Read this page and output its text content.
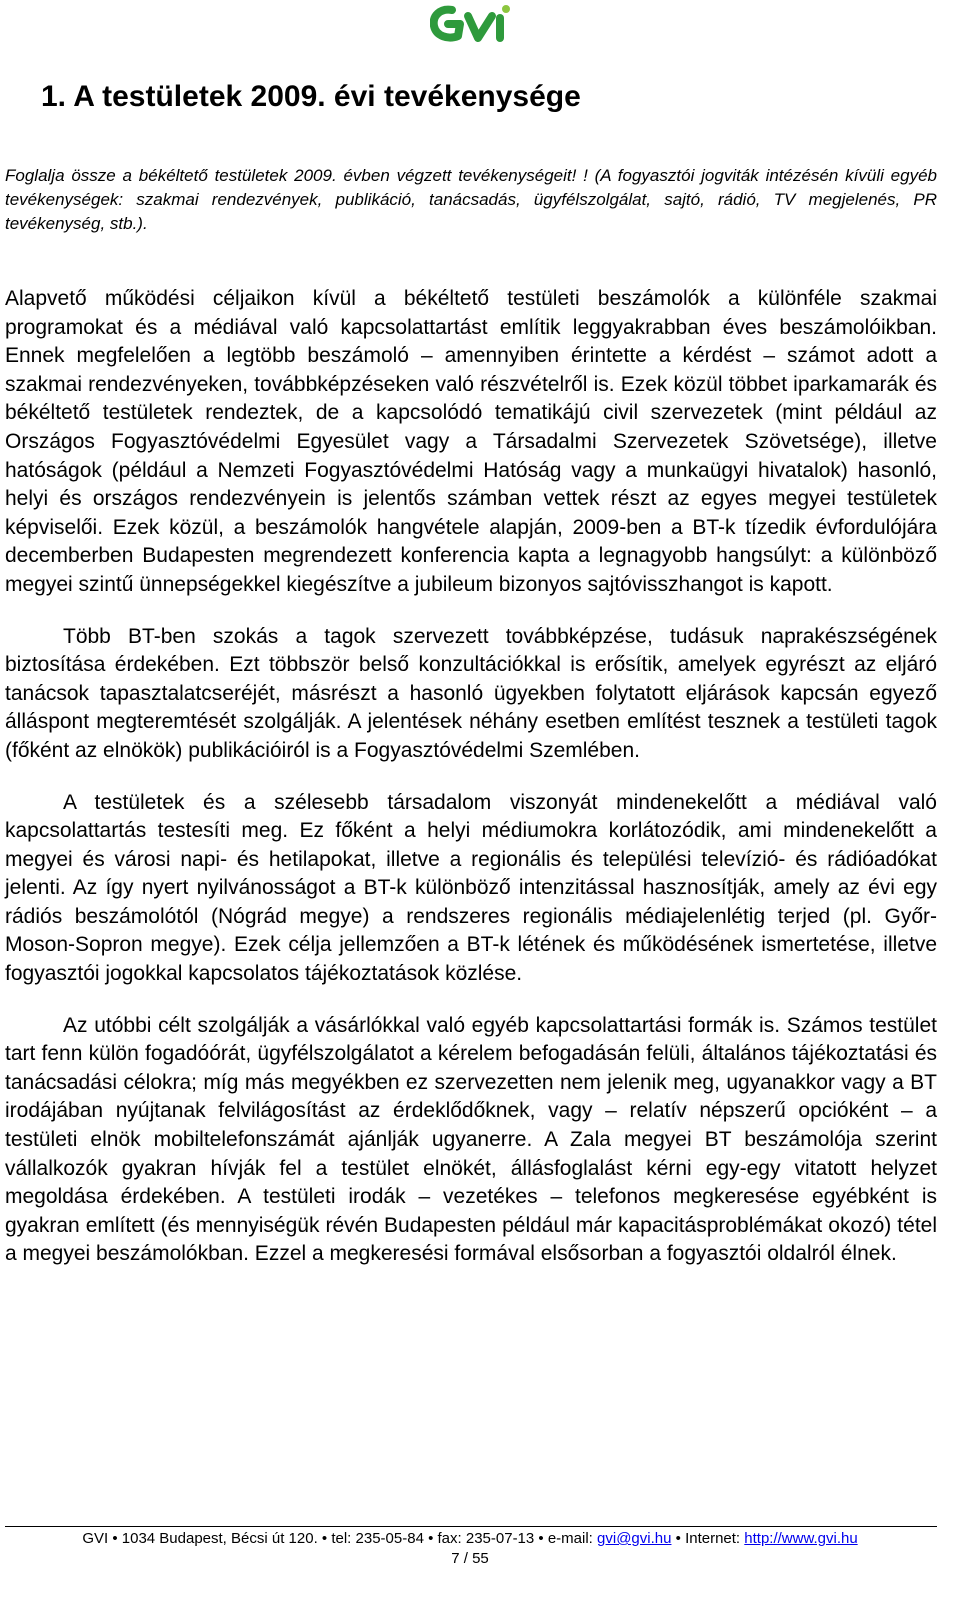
1. A testületek 2009. évi tevékenysége

Foglalja össze a békéltető testületek 2009. évben végzett tevékenységeit! ! (A fogyasztói jogviták intézésén kívüli egyéb tevékenységek: szakmai rendezvények, publikáció, tanácsadás, ügyfélszolgálat, sajtó, rádió, TV megjelenés, PR tevékenység, stb.).

Alapvető működési céljaikon kívül a békéltető testületi beszámolók a különféle szakmai programokat és a médiával való kapcsolattartást említik leggyakrabban éves beszámolóikban. Ennek megfelelően a legtöbb beszámoló – amennyiben érintette a kérdést – számot adott a szakmai rendezvényeken, továbbképzéseken való részvételről is. Ezek közül többet iparkamarák és békéltető testületek rendeztek, de a kapcsolódó tematikájú civil szervezetek (mint például az Országos Fogyasztóvédelmi Egyesület vagy a Társadalmi Szervezetek Szövetsége), illetve hatóságok (például a Nemzeti Fogyasztóvédelmi Hatóság vagy a munkaügyi hivatalok) hasonló, helyi és országos rendezvényein is jelentős számban vettek részt az egyes megyei testületek képviselői. Ezek közül, a beszámolók hangvétele alapján, 2009-ben a BT-k tízedik évfordulójára decemberben Budapesten megrendezett konferencia kapta a legnagyobb hangsúlyt: a különböző megyei szintű ünnepségekkel kiegészítve a jubileum bizonyos sajtóvisszhangot is kapott.

Több BT-ben szokás a tagok szervezett továbbképzése, tudásuk naprakészségének biztosítása érdekében. Ezt többször belső konzultációkkal is erősítik, amelyek egyrészt az eljáró tanácsok tapasztalatcseréjét, másrészt a hasonló ügyekben folytatott eljárások kapcsán egyező álláspont megteremtését szolgálják. A jelentések néhány esetben említést tesznek a testületi tagok (főként az elnökök) publikációiról is a Fogyasztóvédelmi Szemlében.

A testületek és a szélesebb társadalom viszonyát mindenekelőtt a médiával való kapcsolattartás testesíti meg. Ez főként a helyi médiumokra korlátozódik, ami mindenekelőtt a megyei és városi napi- és hetilapokat, illetve a regionális és települési televízió- és rádióadókat jelenti. Az így nyert nyilvánosságot a BT-k különböző intenzitással hasznosítják, amely az évi egy rádiós beszámolótól (Nógrád megye) a rendszeres regionális médiajelenlétig terjed (pl. Győr-Moson-Sopron megye). Ezek célja jellemzően a BT-k létének és működésének ismertetése, illetve fogyasztói jogokkal kapcsolatos tájékoztatások közlése.

Az utóbbi célt szolgálják a vásárlókkal való egyéb kapcsolattartási formák is. Számos testület tart fenn külön fogadóórát, ügyfélszolgálatot a kérelem befogadásán felüli, általános tájékoztatási és tanácsadási célokra; míg más megyékben ez szervezetten nem jelenik meg, ugyanakkor vagy a BT irodájában nyújtanak felvilágosítást az érdeklődőknek, vagy – relatív népszerű opcióként – a testületi elnök mobiltelefonszámát ajánlják ugyanerre. A Zala megyei BT beszámolója szerint vállalkozók gyakran hívják fel a testület elnökét, állásfoglalást kérni egy-egy vitatott helyzet megoldása érdekében. A testületi irodák – vezetékes – telefonos megkeresése egyébként is gyakran említett (és mennyiségük révén Budapesten például már kapacitásproblémákat okozó) tétel a megyei beszámolókban. Ezzel a megkeresési formával elsősorban a fogyasztói oldalról élnek.

GVI • 1034 Budapest, Bécsi út 120. • tel: 235-05-84 • fax: 235-07-13 • e-mail: gvi@gvi.hu • Internet: http://www.gvi.hu
7 / 55
